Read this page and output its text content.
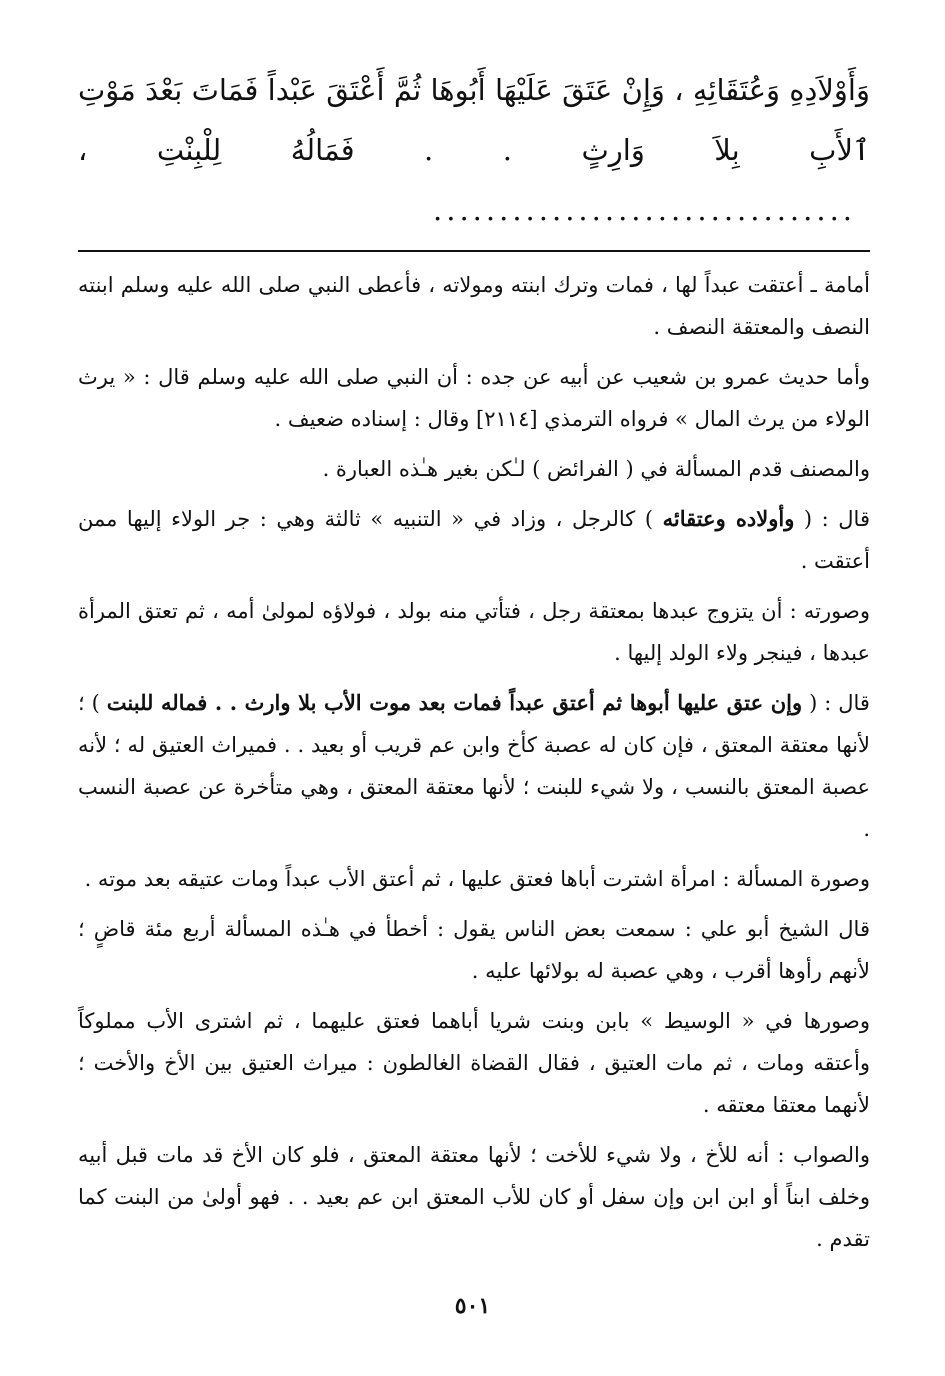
وَأَوْلاَدِهِ وَعُتَقَائِهِ ، وَإِنْ عَتَقَ عَلَيْهَا أَبُوهَا ثُمَّ أَعْتَقَ عَبْداً فَمَاتَ بَعْدَ مَوْتِ ٱلأَبِ بِلاَ وَارِثٍ . . فَمَالُهُ لِلْبِنْتِ ، ................................

أمامة ـ أعتقت عبداً لها ، فمات وترك ابنته ومولاته ، فأعطى النبي صلى الله عليه وسلم ابنته النصف والمعتقة النصف .

وأما حديث عمرو بن شعيب عن أبيه عن جده : أن النبي صلى الله عليه وسلم قال : « يرث الولاء من يرث المال » فرواه الترمذي [٢١١٤] وقال : إسناده ضعيف .

والمصنف قدم المسألة في ( الفرائض ) لـٰكن بغير هـٰذه العبارة .

قال : ( وأولاده وعتقائه ) كالرجل ، وزاد في « التنبيه » ثالثة وهي : جر الولاء إليها ممن أعتقت .

وصورته : أن يتزوج عبدها بمعتقة رجل ، فتأتي منه بولد ، فولاؤه لمولىٰ أمه ، ثم تعتق المرأة عبدها ، فينجر ولاء الولد إليها .

قال : ( وإن عتق عليها أبوها ثم أعتق عبداً فمات بعد موت الأب بلا وارث . . فماله للبنت ) ؛ لأنها معتقة المعتق ، فإن كان له عصبة كأخ وابن عم قريب أو بعيد . . فميراث العتيق له ؛ لأنه عصبة المعتق بالنسب ، ولا شيء للبنت ؛ لأنها معتقة المعتق ، وهي متأخرة عن عصبة النسب .

وصورة المسألة : امرأة اشترت أباها فعتق عليها ، ثم أعتق الأب عبداً ومات عتيقه بعد موته .

قال الشيخ أبو علي : سمعت بعض الناس يقول : أخطأ في هـٰذه المسألة أربع مئة قاضٍ ؛ لأنهم رأوها أقرب ، وهي عصبة له بولائها عليه .

وصورها في « الوسيط » بابن وبنت شريا أباهما فعتق عليهما ، ثم اشترى الأب مملوكاً وأعتقه ومات ، ثم مات العتيق ، فقال القضاة الغالطون : ميراث العتيق بين الأخ والأخت ؛ لأنهما معتقا معتقه .

والصواب : أنه للأخ ، ولا شيء للأخت ؛ لأنها معتقة المعتق ، فلو كان الأخ قد مات قبل أبيه وخلف ابناً أو ابن ابن وإن سفل أو كان للأب المعتق ابن عم بعيد . . فهو أولىٰ من البنت كما تقدم .

٥٠١
